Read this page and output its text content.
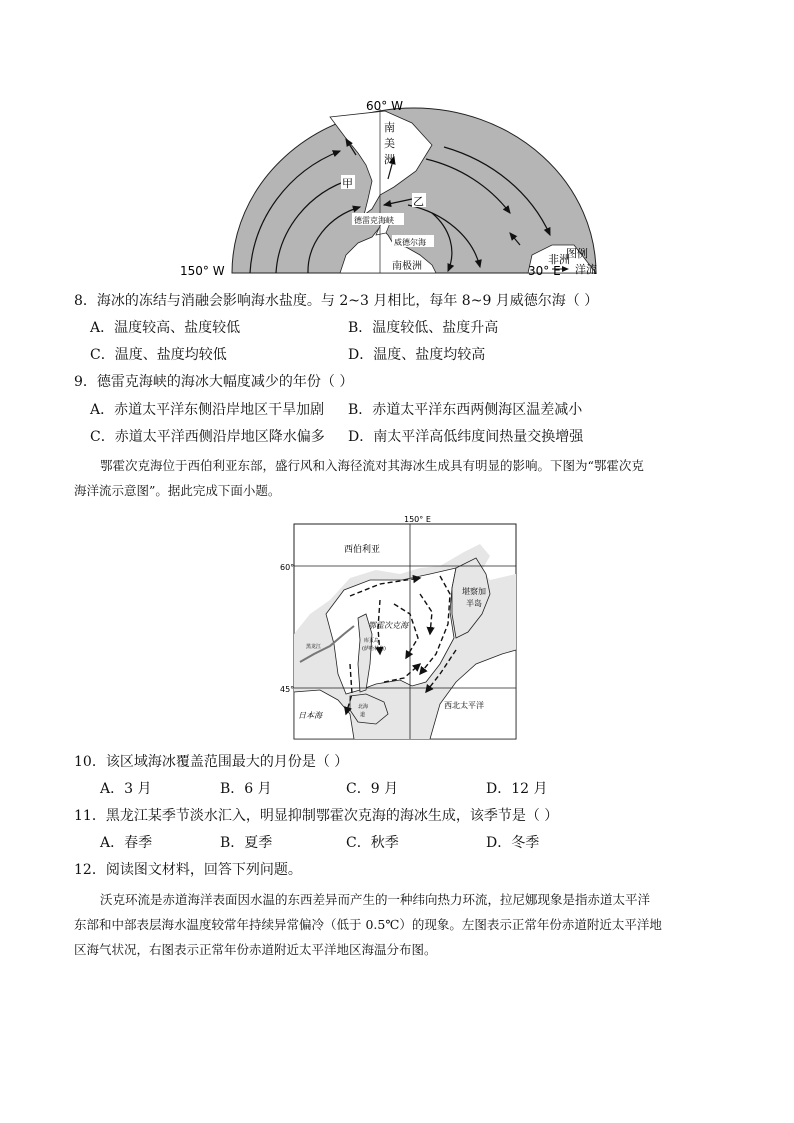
60° W
150° W	30° E
图例
洋流
南美洲
甲
乙
德雷克海峡
威德尔海
南极洲
非洲
8．海冰的冻结与消融会影响海水盐度。与 2~3 月相比，每年 8~9 月威德尔海（ ）
A．温度较高、盐度较低	B．温度较低、盐度升高
C．温度、盐度均较低	D．温度、盐度均较高
9．德雷克海峡的海冰大幅度减少的年份（ ）
A．赤道太平洋东侧沿岸地区干旱加剧 B．赤道太平洋东西两侧海区温差减小
C．赤道太平洋西侧沿岸地区降水偏多 D．南太平洋高低纬度间热量交换增强
鄂霍次克海位于西伯利亚东部，盛行风和入海径流对其海冰生成具有明显的影响。下图为“鄂霍次克
海洋流示意图”。据此完成下面小题。
150° E
60°
45°
西伯利亚
鄂霍次克海
堪察加
半岛
库页岛
(萨哈林岛)
黑龙江
北海
道
西北太平洋
日本海
10．该区域海冰覆盖范围最大的月份是（ ）
A．3 月	B．6 月	C．9 月	D．12 月
11．黑龙江某季节淡水汇入，明显抑制鄂霍次克海的海冰生成，该季节是（ ）
A．春季	B．夏季	C．秋季	D．冬季
12．阅读图文材料，回答下列问题。
沃克环流是赤道海洋表面因水温的东西差异而产生的一种纬向热力环流，拉尼娜现象是指赤道太平洋
东部和中部表层海水温度较常年持续异常偏冷（低于 0.5℃）的现象。左图表示正常年份赤道附近太平洋地
区海气状况，右图表示正常年份赤道附近太平洋地区海温分布图。
